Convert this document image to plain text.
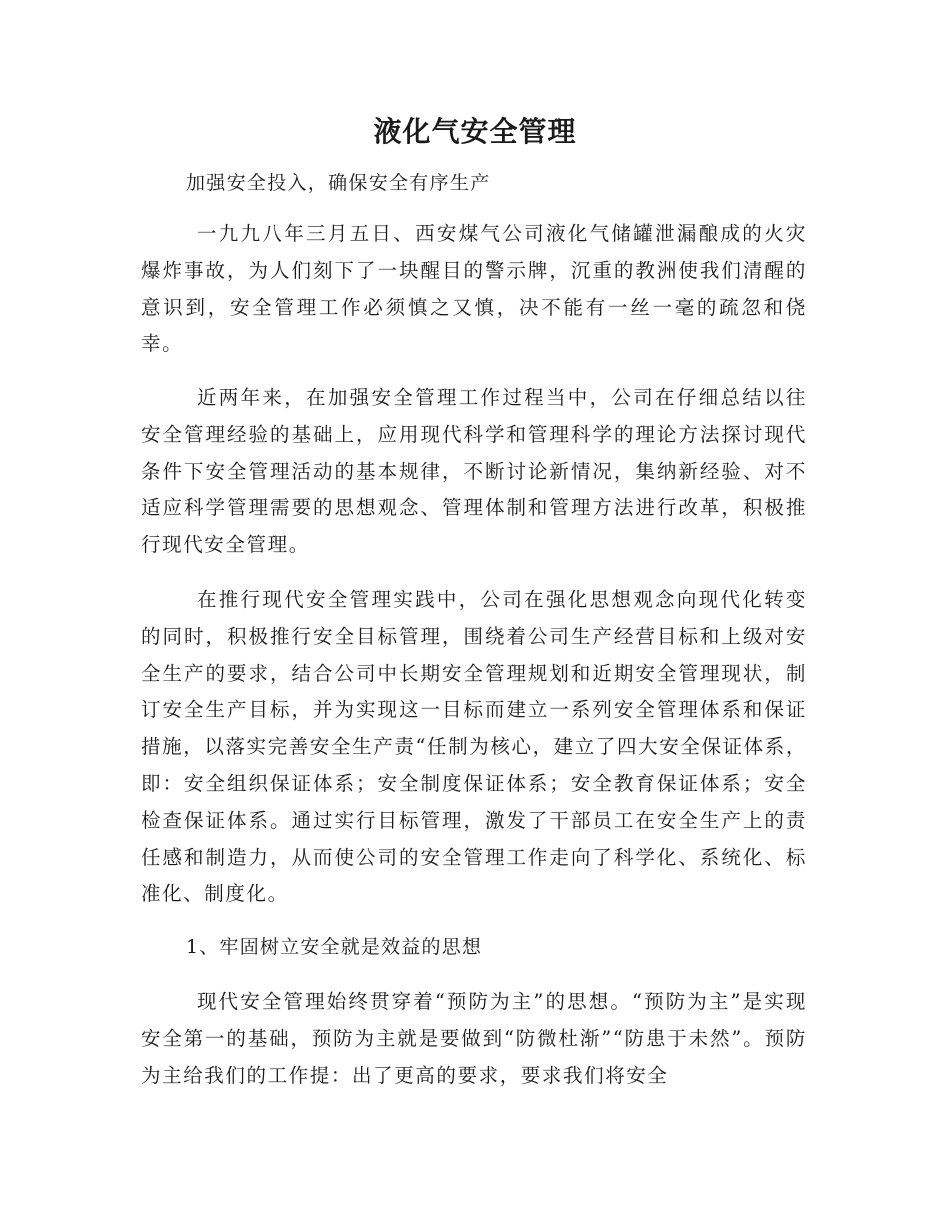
液化气安全管理

加强安全投入，确保安全有序生产

一九九八年三月五日、西安煤气公司液化气储罐泄漏酿成的火灾爆炸事故，为人们刻下了一块醒目的警示牌，沉重的教洲使我们清醒的意识到，安全管理工作必须慎之又慎，决不能有一丝一毫的疏忽和侥幸。

近两年来，在加强安全管理工作过程当中，公司在仔细总结以往安全管理经验的基础上，应用现代科学和管理科学的理论方法探讨现代条件下安全管理活动的基本规律，不断讨论新情况，集纳新经验、对不适应科学管理需要的思想观念、管理体制和管理方法进行改革，积极推行现代安全管理。

在推行现代安全管理实践中，公司在强化思想观念向现代化转变的同时，积极推行安全目标管理，围绕着公司生产经营目标和上级对安全生产的要求，结合公司中长期安全管理规划和近期安全管理现状，制订安全生产目标，并为实现这一目标而建立一系列安全管理体系和保证措施，以落实完善安全生产责“任制为核心，建立了四大安全保证体系，即：安全组织保证体系；安全制度保证体系；安全教育保证体系；安全检查保证体系。通过实行目标管理，激发了干部员工在安全生产上的责任感和制造力，从而使公司的安全管理工作走向了科学化、系统化、标准化、制度化。

1、牢固树立安全就是效益的思想

现代安全管理始终贯穿着“预防为主”的思想。“预防为主”是实现安全第一的基础，预防为主就是要做到“防微杜渐”“防患于未然”。预防为主给我们的工作提：出了更高的要求，要求我们将安全
